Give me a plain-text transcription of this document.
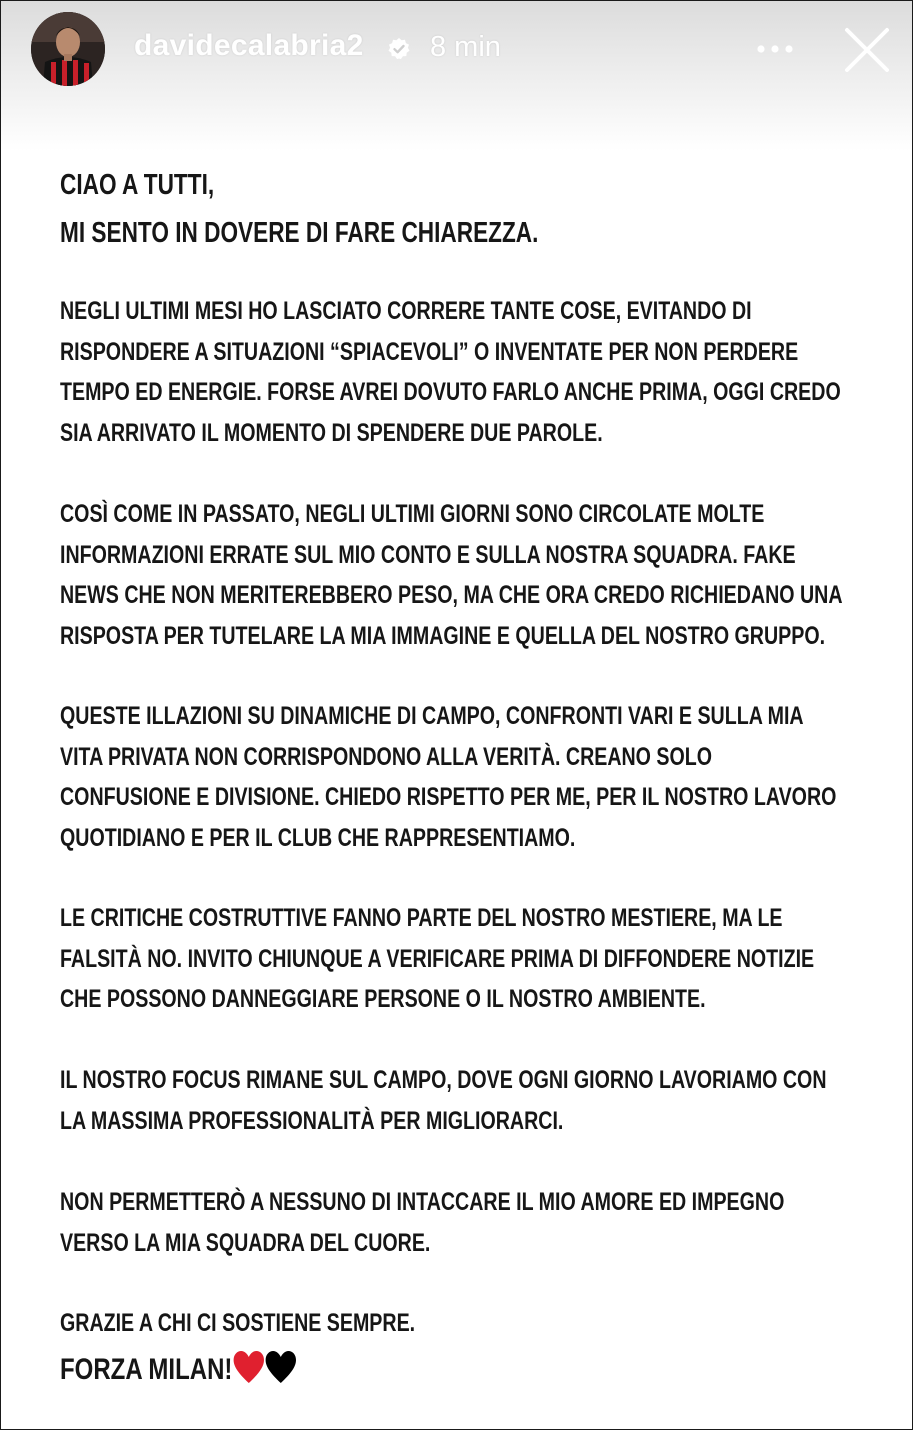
davidecalabria2 8 min
CIAO A TUTTI,
MI SENTO IN DOVERE DI FARE CHIAREZZA.
NEGLI ULTIMI MESI HO LASCIATO CORRERE TANTE COSE, EVITANDO DI
RISPONDERE A SITUAZIONI “SPIACEVOLI” O INVENTATE PER NON PERDERE
TEMPO ED ENERGIE. FORSE AVREI DOVUTO FARLO ANCHE PRIMA, OGGI CREDO
SIA ARRIVATO IL MOMENTO DI SPENDERE DUE PAROLE.
COSÌ COME IN PASSATO, NEGLI ULTIMI GIORNI SONO CIRCOLATE MOLTE
INFORMAZIONI ERRATE SUL MIO CONTO E SULLA NOSTRA SQUADRA. FAKE
NEWS CHE NON MERITEREBBERO PESO, MA CHE ORA CREDO RICHIEDANO UNA
RISPOSTA PER TUTELARE LA MIA IMMAGINE E QUELLA DEL NOSTRO GRUPPO.
QUESTE ILLAZIONI SU DINAMICHE DI CAMPO, CONFRONTI VARI E SULLA MIA
VITA PRIVATA NON CORRISPONDONO ALLA VERITÀ. CREANO SOLO
CONFUSIONE E DIVISIONE. CHIEDO RISPETTO PER ME, PER IL NOSTRO LAVORO
QUOTIDIANO E PER IL CLUB CHE RAPPRESENTIAMO.
LE CRITICHE COSTRUTTIVE FANNO PARTE DEL NOSTRO MESTIERE, MA LE
FALSITÀ NO. INVITO CHIUNQUE A VERIFICARE PRIMA DI DIFFONDERE NOTIZIE
CHE POSSONO DANNEGGIARE PERSONE O IL NOSTRO AMBIENTE.
IL NOSTRO FOCUS RIMANE SUL CAMPO, DOVE OGNI GIORNO LAVORIAMO CON
LA MASSIMA PROFESSIONALITÀ PER MIGLIORARCI.
NON PERMETTERÒ A NESSUNO DI INTACCARE IL MIO AMORE ED IMPEGNO
VERSO LA MIA SQUADRA DEL CUORE.
GRAZIE A CHI CI SOSTIENE SEMPRE.
FORZA MILAN!
